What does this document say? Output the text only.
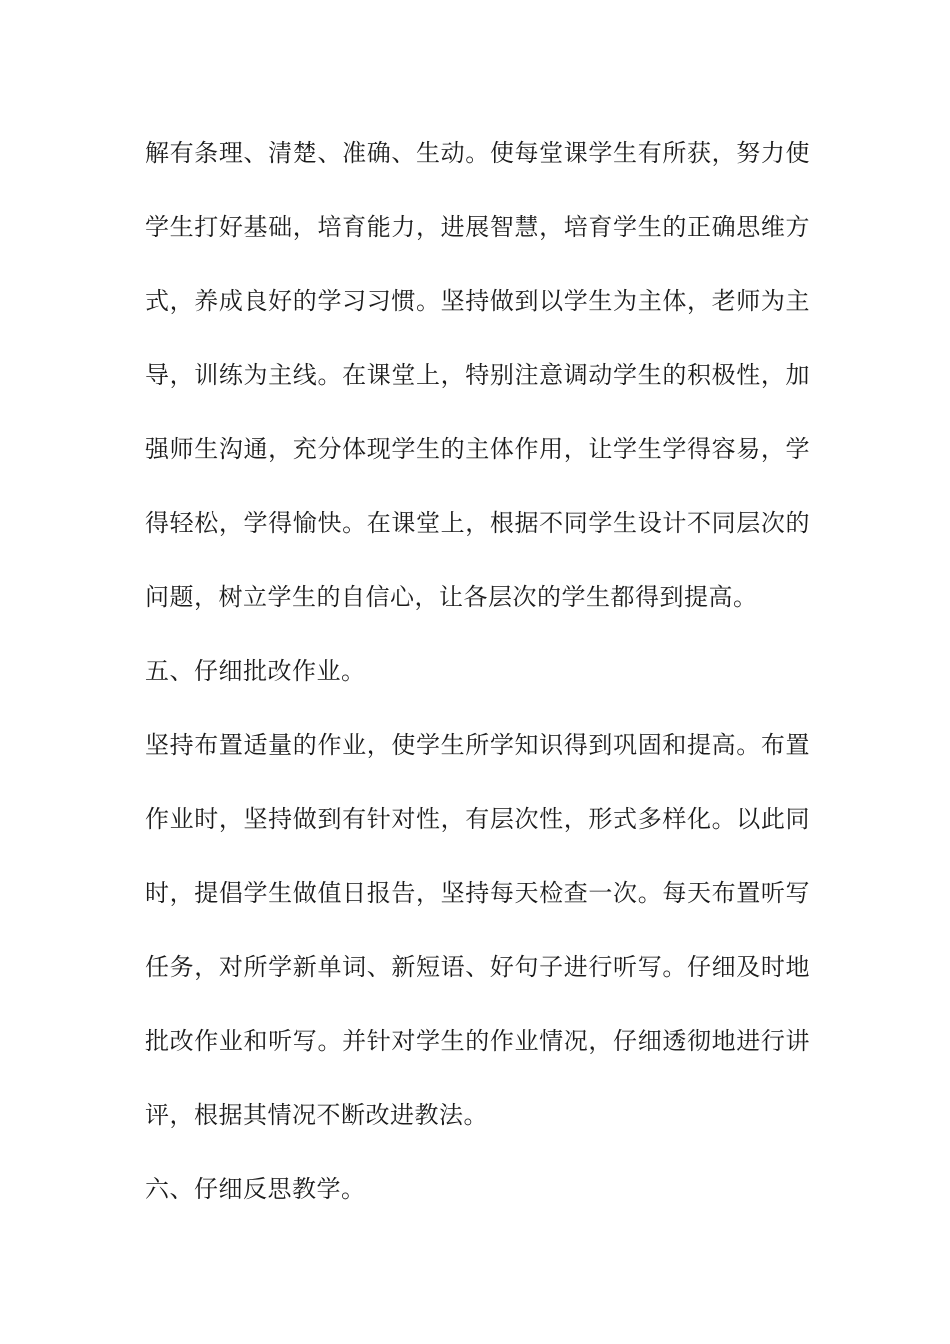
解有条理、清楚、准确、生动。使每堂课学生有所获，努力使
学生打好基础，培育能力，进展智慧，培育学生的正确思维方
式，养成良好的学习习惯。坚持做到以学生为主体，老师为主
导，训练为主线。在课堂上，特别注意调动学生的积极性，加
强师生沟通，充分体现学生的主体作用，让学生学得容易，学
得轻松，学得愉快。在课堂上，根据不同学生设计不同层次的
问题，树立学生的自信心，让各层次的学生都得到提高。
五、仔细批改作业。
坚持布置适量的作业，使学生所学知识得到巩固和提高。布置
作业时，坚持做到有针对性，有层次性，形式多样化。以此同
时，提倡学生做值日报告，坚持每天检查一次。每天布置听写
任务，对所学新单词、新短语、好句子进行听写。仔细及时地
批改作业和听写。并针对学生的作业情况，仔细透彻地进行讲
评，根据其情况不断改进教法。
六、仔细反思教学。
